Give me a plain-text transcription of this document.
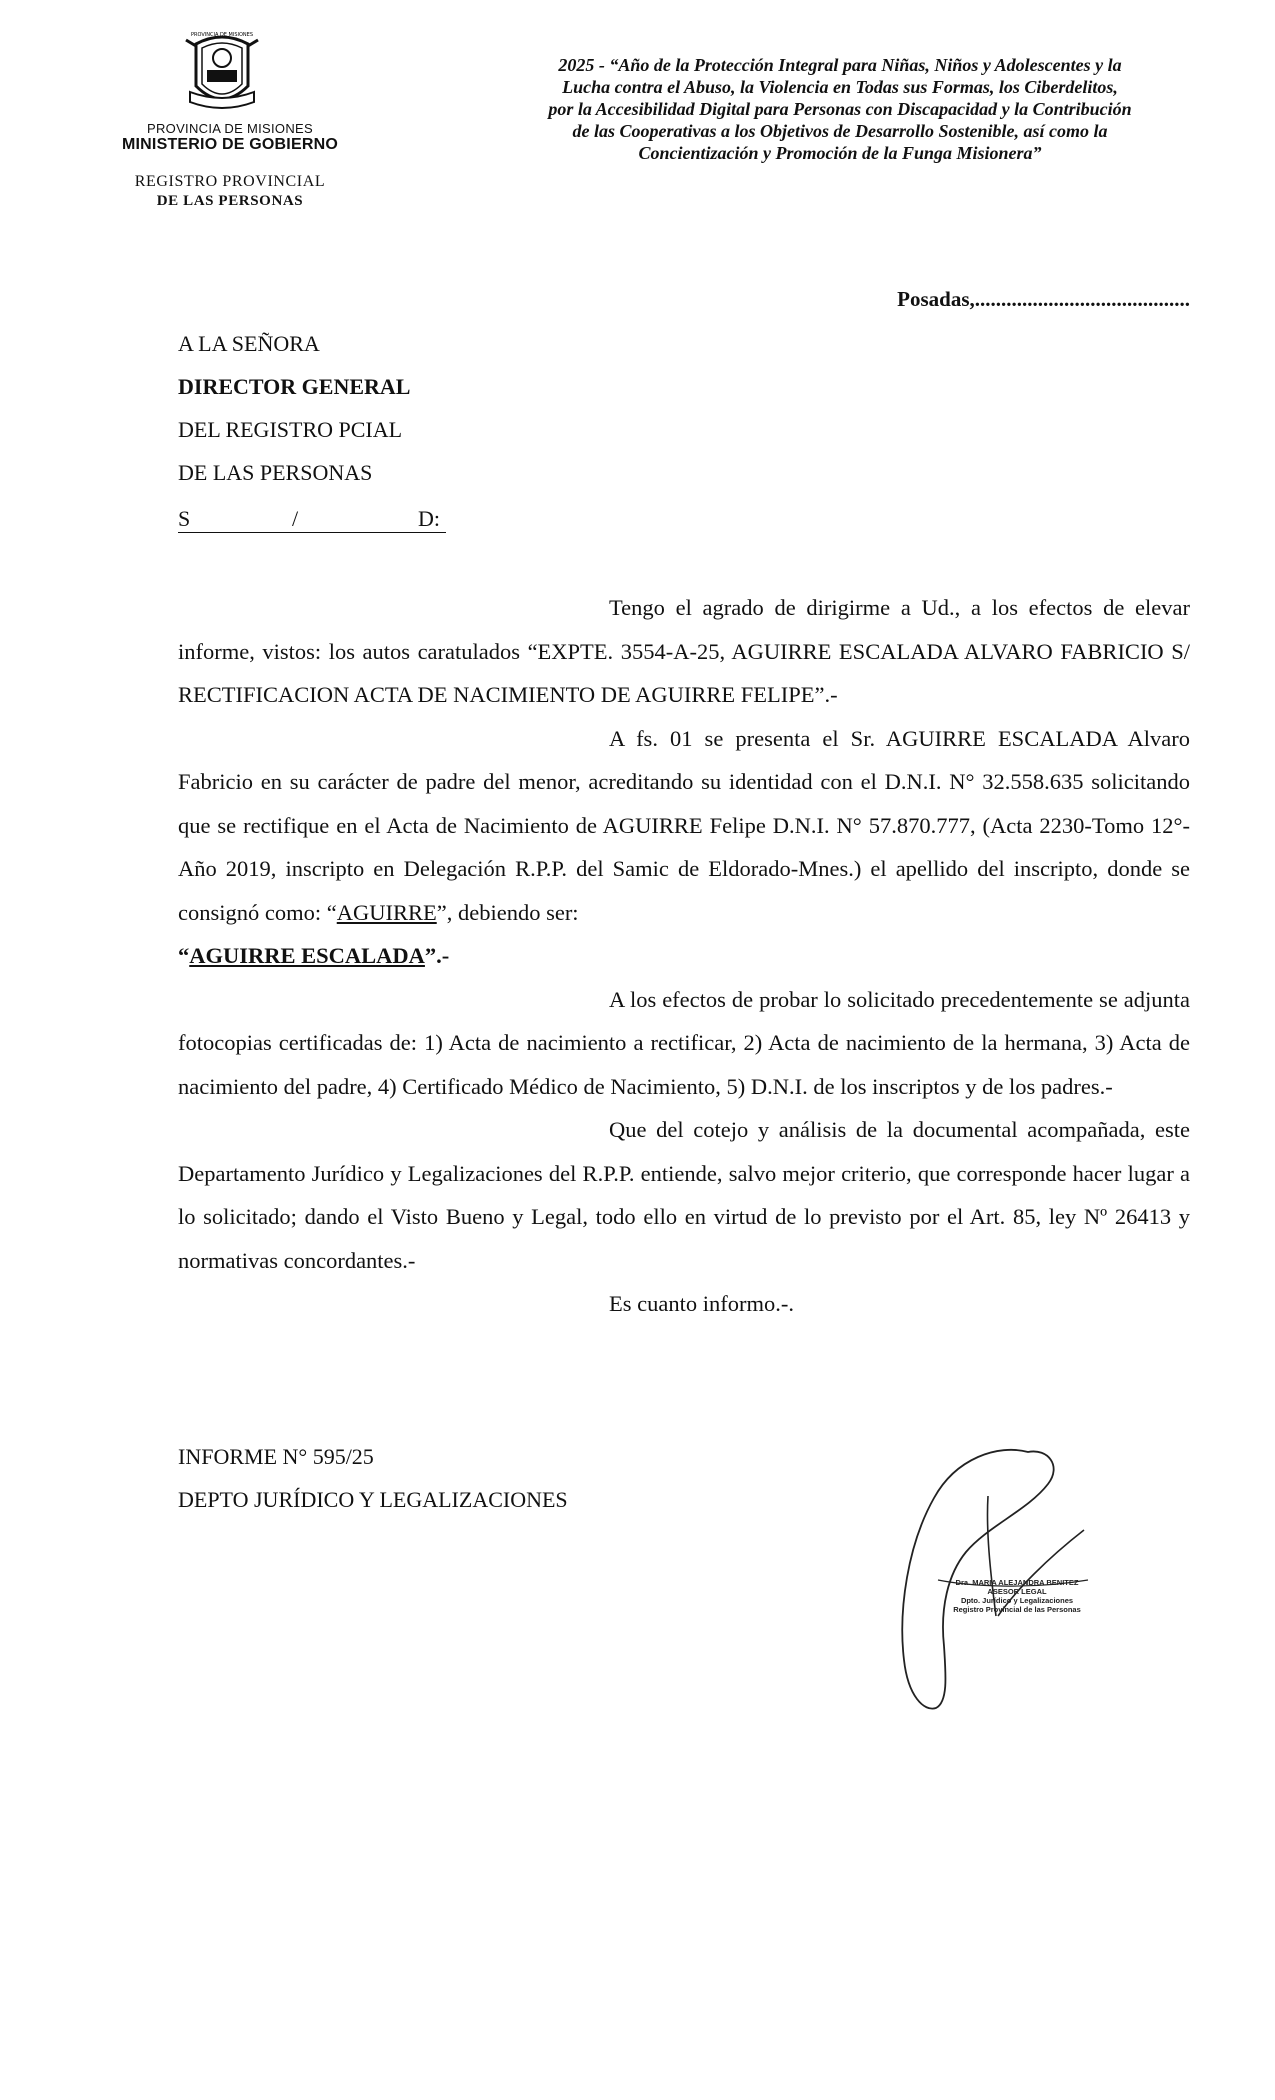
PROVINCIA DE MISIONES
PROVINCIA DE MISIONES
MINISTERIO DE GOBIERNO
REGISTRO PROVINCIAL
DE LAS PERSONAS
2025 - “Año de la Protección Integral para Niñas, Niños y Adolescentes y la
Lucha contra el Abuso, la Violencia en Todas sus Formas, los Ciberdelitos,
por la Accesibilidad Digital para Personas con Discapacidad y la Contribución
de las Cooperativas a los Objetivos de Desarrollo Sostenible, así como la
Concientización y Promoción de la Funga Misionera”
Posadas,.........................................
A LA SEÑORA
DIRECTOR GENERAL
DEL REGISTRO PCIAL
DE LAS PERSONAS
S	/	D:

Tengo el agrado de dirigirme a Ud., a los efectos de elevar informe, vistos: los autos caratulados “EXPTE. 3554-A-25, AGUIRRE ESCALADA ALVARO FABRICIO S/ RECTIFICACION ACTA DE NACIMIENTO DE AGUIRRE FELIPE”.-

A fs. 01 se presenta el Sr. AGUIRRE ESCALADA Alvaro Fabricio en su carácter de padre del menor, acreditando su identidad con el D.N.I. N° 32.558.635 solicitando que se rectifique en el Acta de Nacimiento de AGUIRRE Felipe D.N.I. N° 57.870.777, (Acta 2230-Tomo 12°-Año 2019, inscripto en Delegación R.P.P. del Samic de Eldorado-Mnes.) el apellido del inscripto, donde se consignó como: “AGUIRRE”, debiendo ser:

“AGUIRRE ESCALADA”.-

A los efectos de probar lo solicitado precedentemente se adjunta fotocopias certificadas de: 1) Acta de nacimiento a rectificar, 2) Acta de nacimiento de la hermana, 3) Acta de nacimiento del padre, 4) Certificado Médico de Nacimiento, 5) D.N.I. de los inscriptos y de los padres.-

Que del cotejo y análisis de la documental acompañada, este Departamento Jurídico y Legalizaciones del R.P.P. entiende, salvo mejor criterio, que corresponde hacer lugar a lo solicitado; dando el Visto Bueno y Legal, todo ello en virtud de lo previsto por el Art. 85, ley Nº 26413 y normativas concordantes.-

Es cuanto informo.-.

INFORME N° 595/25
DEPTO JURÍDICO Y LEGALIZACIONES
Dra. MARIA ALEJANDRA BENITEZ
ASESOR LEGAL
Dpto. Jurídico y Legalizaciones
Registro Provincial de las Personas
